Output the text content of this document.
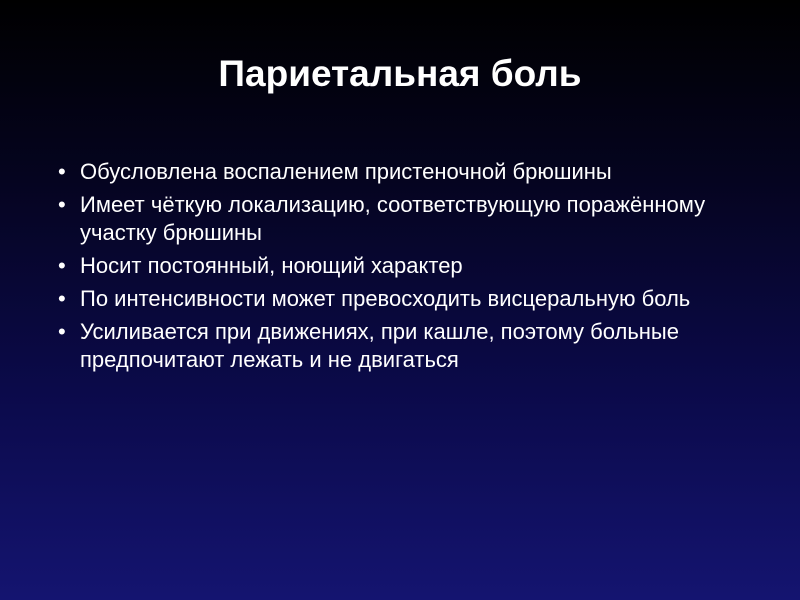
Париетальная боль
• Обусловлена воспалением пристеночной брюшины
• Имеет чёткую локализацию, соответствующую поражённому участку брюшины
• Носит постоянный, ноющий характер
• По интенсивности может превосходить висцеральную боль
• Усиливается при движениях, при кашле, поэтому больные предпочитают лежать и не двигаться
